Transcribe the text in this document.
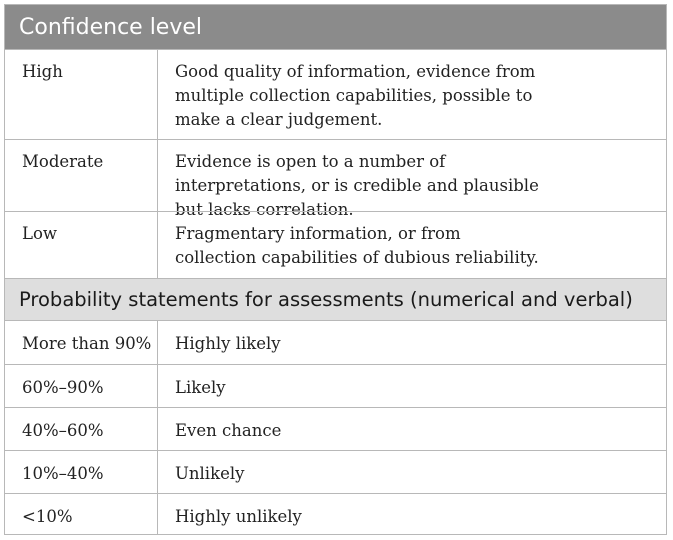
Confidence level
High	Good quality of information, evidence from multiple collection capabilities, possible to make a clear judgement.
Moderate	Evidence is open to a number of interpretations, or is credible and plausible but lacks correlation.
Low	Fragmentary information, or from collection capabilities of dubious reliability.
Probability statements for assessments (numerical and verbal)
More than 90%	Highly likely
60%–90%	Likely
40%–60%	Even chance
10%–40%	Unlikely
<10%	Highly unlikely
